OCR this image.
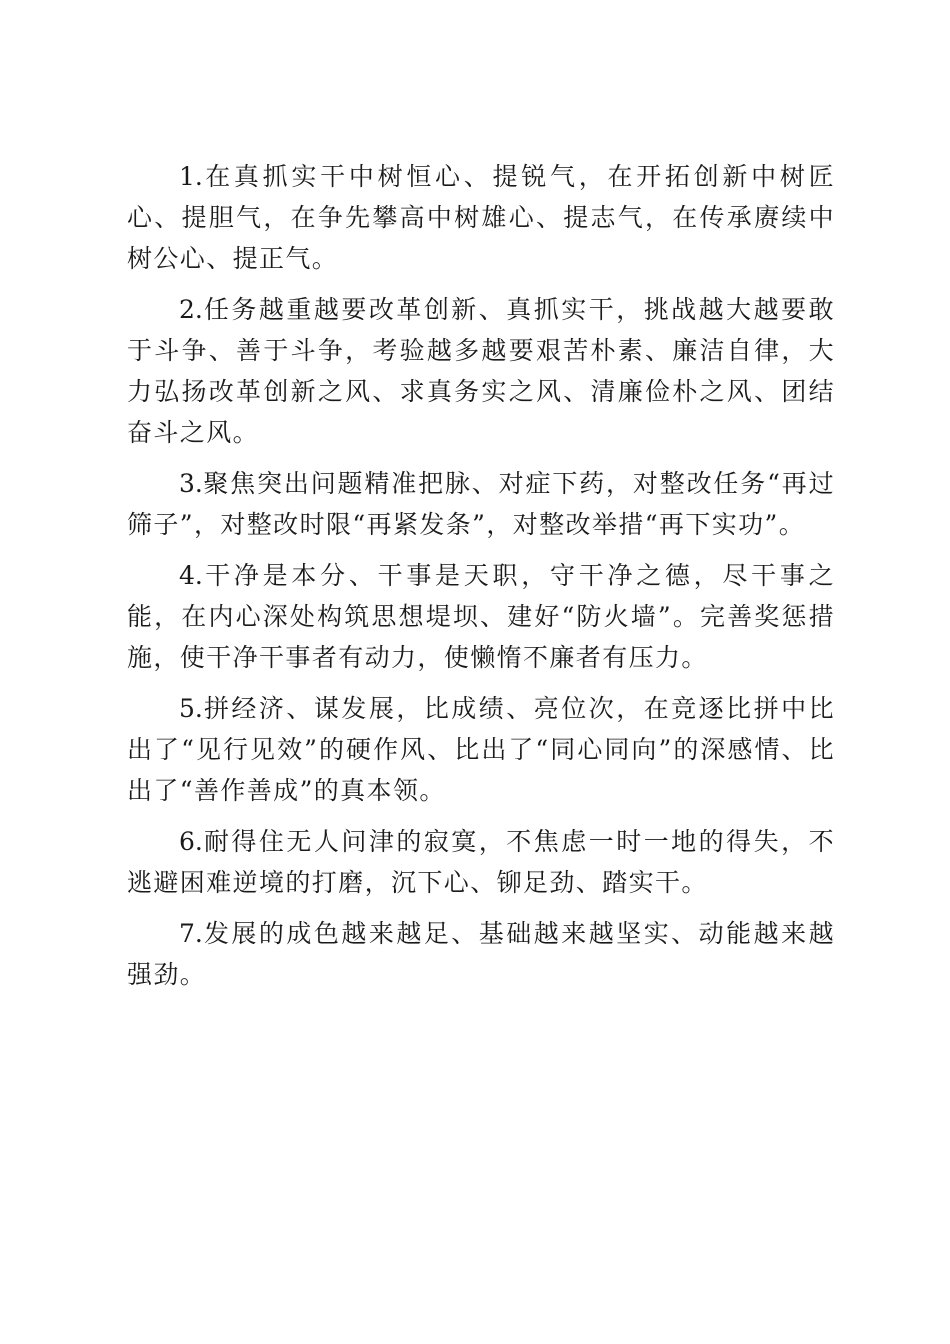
1.在真抓实干中树恒心、提锐气，在开拓创新中树匠心、提胆气，在争先攀高中树雄心、提志气，在传承赓续中树公心、提正气。

2.任务越重越要改革创新、真抓实干，挑战越大越要敢于斗争、善于斗争，考验越多越要艰苦朴素、廉洁自律，大力弘扬改革创新之风、求真务实之风、清廉俭朴之风、团结奋斗之风。

3.聚焦突出问题精准把脉、对症下药，对整改任务“再过筛子”，对整改时限“再紧发条”，对整改举措“再下实功”。

4.干净是本分、干事是天职，守干净之德，尽干事之能，在内心深处构筑思想堤坝、建好“防火墙”。完善奖惩措施，使干净干事者有动力，使懒惰不廉者有压力。

5.拼经济、谋发展，比成绩、亮位次，在竞逐比拼中比出了“见行见效”的硬作风、比出了“同心同向”的深感情、比出了“善作善成”的真本领。

6.耐得住无人问津的寂寞，不焦虑一时一地的得失，不逃避困难逆境的打磨，沉下心、铆足劲、踏实干。

7.发展的成色越来越足、基础越来越坚实、动能越来越强劲。
